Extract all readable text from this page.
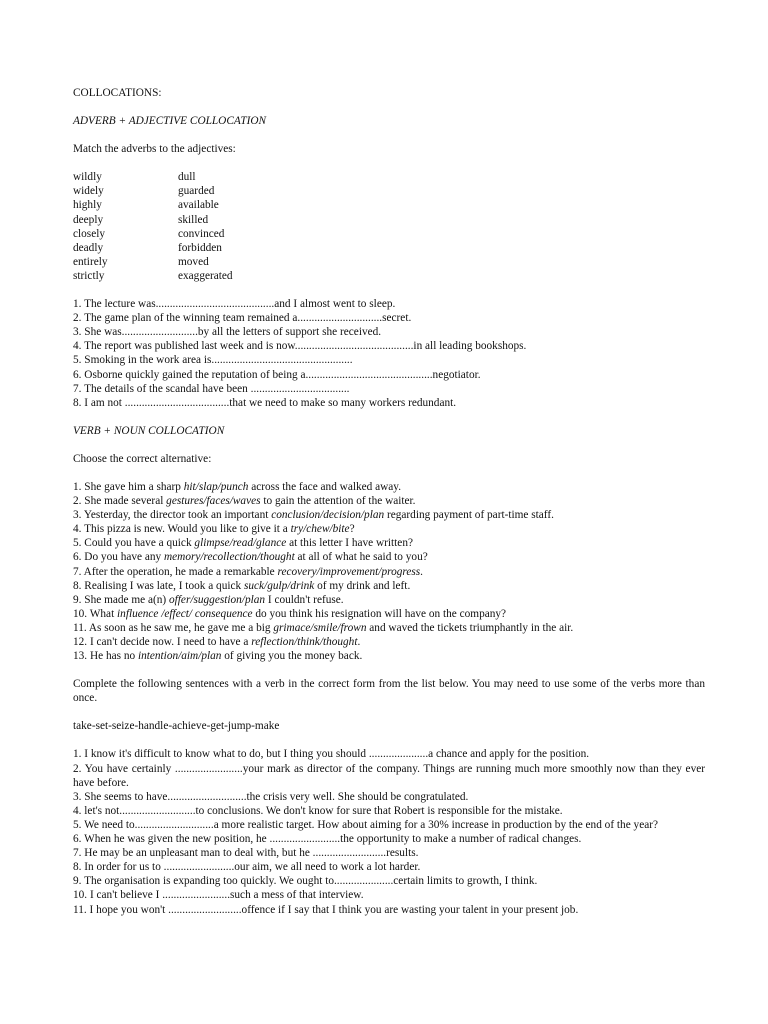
COLLOCATIONS:

ADVERB + ADJECTIVE COLLOCATION

Match the adverbs to the adjectives:

wildly	dull
widely	guarded
highly	available
deeply	skilled
closely	convinced
deadly	forbidden
entirely	moved
strictly	exaggerated

1. The lecture was..........................................and I almost went to sleep.

2. The game plan of the winning team remained a..............................secret.

3. She was...........................by all the letters of support she received.

4. The report was published last week and is now..........................................in all leading bookshops.

5. Smoking in the work area is..................................................

6. Osborne quickly gained the reputation of being a.............................................negotiator.

7. The details of the scandal have been ...................................

8. I am not .....................................that we need to make so many workers redundant.

VERB + NOUN COLLOCATION

Choose the correct alternative:

1. She gave him a sharp hit/slap/punch across the face and walked away.

2. She made several gestures/faces/waves to gain the attention of the waiter.

3. Yesterday, the director took an important conclusion/decision/plan regarding payment of part-time staff.

4. This pizza is new. Would you like to give it a try/chew/bite?

5. Could you have a quick glimpse/read/glance at this letter I have written?

6. Do you have any memory/recollection/thought at all of what he said to you?

7. After the operation, he made a remarkable recovery/improvement/progress.

8. Realising I was late, I took a quick suck/gulp/drink of my drink and left.

9. She made me a(n) offer/suggestion/plan I couldn't refuse.

10. What influence /effect/ consequence do you think his resignation will have on the company?

11. As soon as he saw me, he gave me a big grimace/smile/frown and waved the tickets triumphantly in the air.

12. I can't decide now. I need to have a reflection/think/thought.

13. He has no intention/aim/plan of giving you the money back.

Complete the following sentences with a verb in the correct form from the list below. You may need to use some of the verbs more than once.

take-set-seize-handle-achieve-get-jump-make

1. I know it's difficult to know what to do, but I thing you should .....................a chance and apply for the position.

2. You have certainly ........................your mark as director of the company. Things are running much more smoothly now than they ever have before.

3. She seems to have............................the crisis very well. She should be congratulated.

4. let's not...........................to conclusions. We don't know for sure that Robert is responsible for the mistake.

5. We need to............................a more realistic target. How about aiming for a 30% increase in production by the end of the year?

6. When he was given the new position, he .........................the opportunity to make a number of radical changes.

7. He may be an unpleasant man to deal with, but he ..........................results.

8. In order for us to .........................our aim, we all need to work a lot harder.

9. The organisation is expanding too quickly. We ought to.....................certain limits to growth, I think.

10. I can't believe I ........................such a mess of that interview.

11. I hope you won't ..........................offence if I say that I think you are wasting your talent in your present job.
